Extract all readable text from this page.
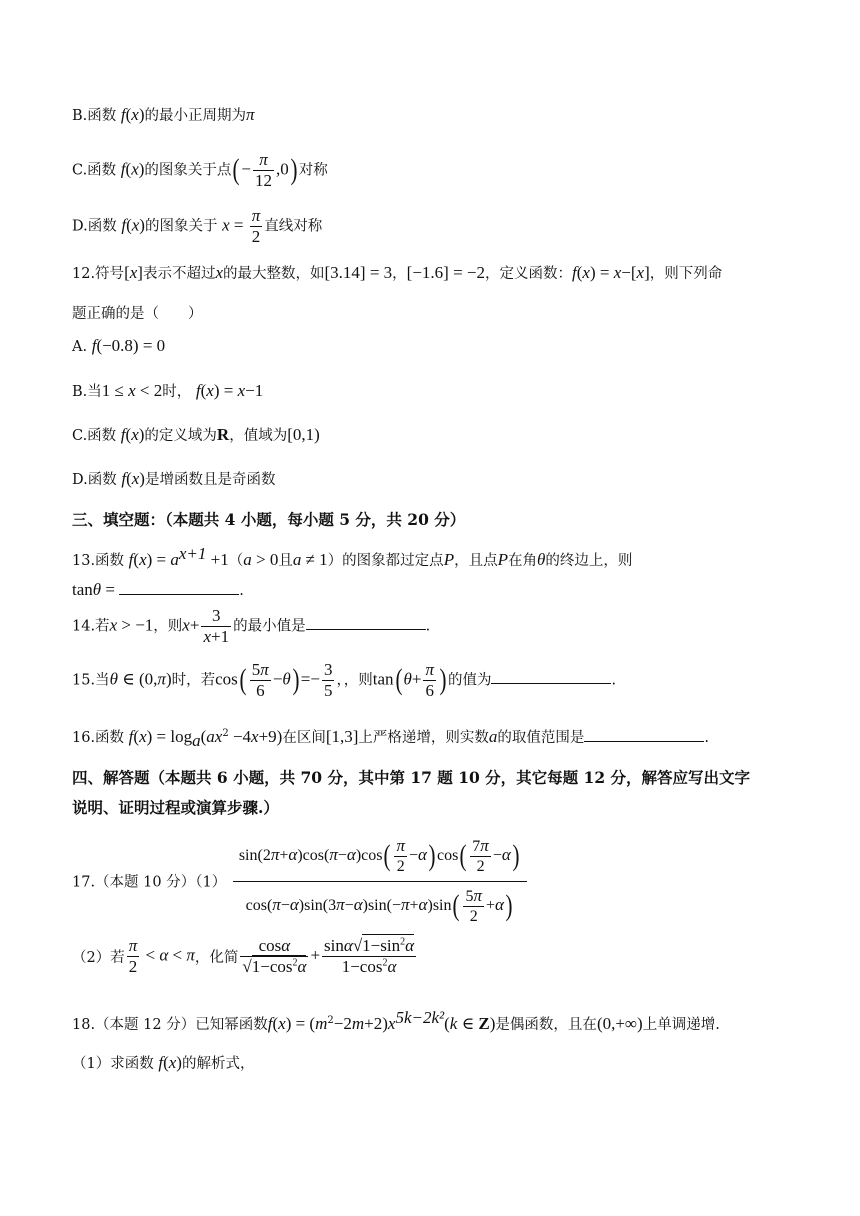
B.函数 f(x)的最小正周期为π
C.函数 f(x)的图象关于点(− $\frac{\pi}{12} ,0$) 对称
D.函数 f(x)的图象关于 $x = \frac{\pi}{2}$ 直线对称
12.符号[x]表示不超过x的最大整数，如[3.14] = 3，[−1.6] = −2，定义函数：f(x) = x−[x]，则下列命
题正确的是（　　）
A. f(−0.8) = 0
B.当1 ≤ x < 2时， f(x) = x−1
C.函数 f(x)的定义域为R，值域为[0,1)
D.函数 f(x)是增函数且是奇函数
三、填空题：（本题共 4 小题，每小题 5 分，共 20 分）
13.函数 $f(x) = a^{x+1} +1(a > 0$且a ≠ 1）的图象都过定点P，且点P在角θ的终边上，则
tanθ =	.
14.若x > −1，则$x+ \frac{3}{x+1}$ 的最小值是	.
15.当θ ∈ (0,π)时，若$\cos( \frac{5\pi}{6} -\theta)=- \frac{3}{5}$ ，，则$\tan(\theta+ \frac{\pi}{6}$ ) 的值为	.
16.函数 $f(x) = \log_a(ax^2 -4x+9)$在区间[1,3]上严格递增，则实数a的取值范围是	.
四、解答题（本题共 6 小题，共 70 分，其中第 17 题 10 分，其它每题 12 分，解答应写出文字
说明、证明过程或演算步骤.）
17.（本题 10 分）$(1) \frac{\sin(2\pi+\alpha)\cos(\pi-\alpha)\cos( \frac{\pi}{2} -\alpha)\cos( \frac{7\pi}{2} -\alpha)}{\cos(\pi-\alpha)\sin(3\pi-\alpha)\sin(-\pi+\alpha)\sin( \frac{5\pi}{2} +\alpha)}$
（2）若 $\frac{\pi}{2} < \alpha < \pi$，化简 $\frac{\cos\alpha}{√1-\cos^2\alpha} + \frac{\sin\alpha√1-\sin^2\alpha}{1-\cos^2\alpha}$
18.（本题 12 分）已知幂函数$f(x) = (m^2-2m+2)x^{5k-2k^2}(k$ ∈ Z)是偶函数，且在(0,+∞)上单调递增.
（1）求函数 f(x)的解析式，
